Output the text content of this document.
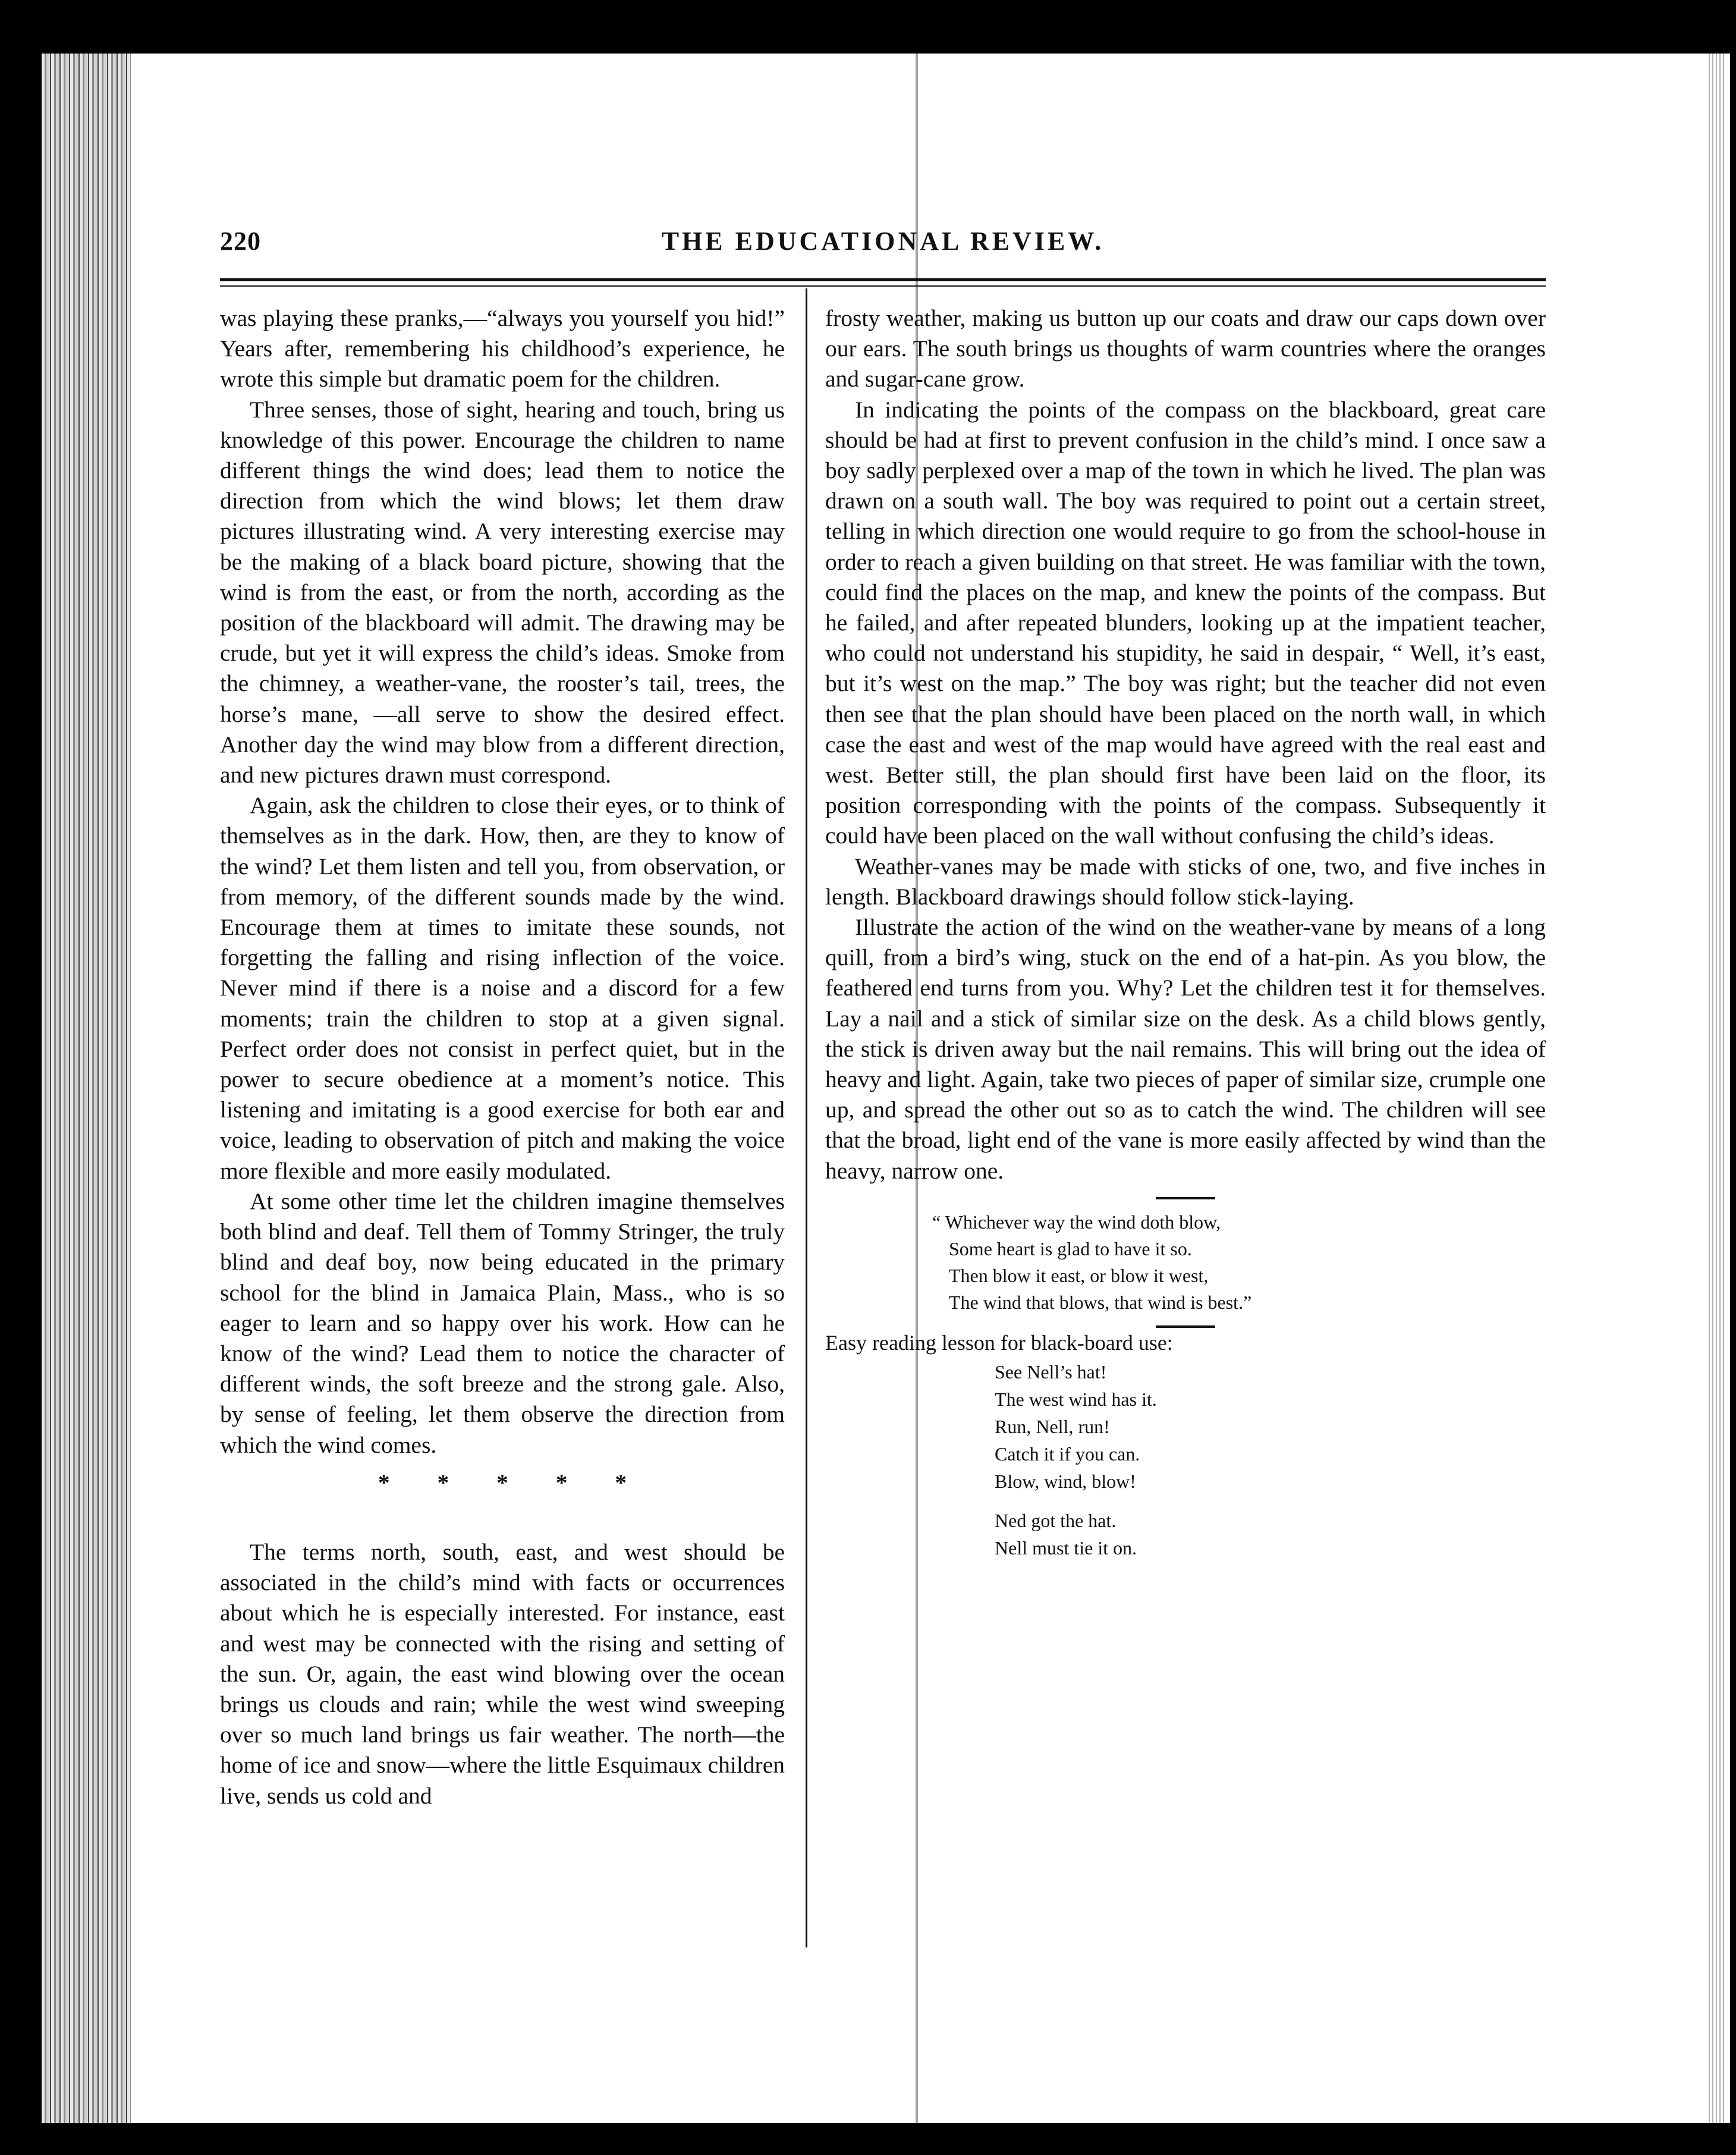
220	THE EDUCATIONAL REVIEW.

was playing these pranks,—“always you yourself you hid!” Years after, remembering his childhood’s experience, he wrote this simple but dramatic poem for the children.

Three senses, those of sight, hearing and touch, bring us knowledge of this power. Encourage the children to name different things the wind does; lead them to notice the direction from which the wind blows; let them draw pictures illustrating wind. A very interesting exercise may be the making of a black board picture, showing that the wind is from the east, or from the north, according as the position of the blackboard will admit. The drawing may be crude, but yet it will express the child’s ideas. Smoke from the chimney, a weather-vane, the rooster’s tail, trees, the horse’s mane, —all serve to show the desired effect. Another day the wind may blow from a different direction, and new pictures drawn must correspond.

Again, ask the children to close their eyes, or to think of themselves as in the dark. How, then, are they to know of the wind? Let them listen and tell you, from observation, or from memory, of the different sounds made by the wind. Encourage them at times to imitate these sounds, not forgetting the falling and rising inflection of the voice. Never mind if there is a noise and a discord for a few moments; train the children to stop at a given signal. Perfect order does not consist in perfect quiet, but in the power to secure obedience at a moment’s notice. This listening and imitating is a good exercise for both ear and voice, leading to observation of pitch and making the voice more flexible and more easily modulated.

At some other time let the children imagine themselves both blind and deaf. Tell them of Tommy Stringer, the truly blind and deaf boy, now being educated in the primary school for the blind in Jamaica Plain, Mass., who is so eager to learn and so happy over his work. How can he know of the wind? Lead them to notice the character of different winds, the soft breeze and the strong gale. Also, by sense of feeling, let them observe the direction from which the wind comes.

* * * * *

The terms north, south, east, and west should be associated in the child’s mind with facts or occurrences about which he is especially interested. For instance, east and west may be connected with the rising and setting of the sun. Or, again, the east wind blowing over the ocean brings us clouds and rain; while the west wind sweeping over so much land brings us fair weather. The north—the home of ice and snow—where the little Esquimaux children live, sends us cold and

frosty weather, making us button up our coats and draw our caps down over our ears. The south brings us thoughts of warm countries where the oranges and sugar-cane grow.

In indicating the points of the compass on the blackboard, great care should be had at first to prevent confusion in the child’s mind. I once saw a boy sadly perplexed over a map of the town in which he lived. The plan was drawn on a south wall. The boy was required to point out a certain street, telling in which direction one would require to go from the school-house in order to reach a given building on that street. He was familiar with the town, could find the places on the map, and knew the points of the compass. But he failed, and after repeated blunders, looking up at the impatient teacher, who could not understand his stupidity, he said in despair, “ Well, it’s east, but it’s west on the map.” The boy was right; but the teacher did not even then see that the plan should have been placed on the north wall, in which case the east and west of the map would have agreed with the real east and west. Better still, the plan should first have been laid on the floor, its position corresponding with the points of the compass. Subsequently it could have been placed on the wall without confusing the child’s ideas.

Weather-vanes may be made with sticks of one, two, and five inches in length. Blackboard drawings should follow stick-laying.

Illustrate the action of the wind on the weather-vane by means of a long quill, from a bird’s wing, stuck on the end of a hat-pin. As you blow, the feathered end turns from you. Why? Let the children test it for themselves. Lay a nail and a stick of similar size on the desk. As a child blows gently, the stick is driven away but the nail remains. This will bring out the idea of heavy and light. Again, take two pieces of paper of similar size, crumple one up, and spread the other out so as to catch the wind. The children will see that the broad, light end of the vane is more easily affected by wind than the heavy, narrow one.

“ Whichever way the wind doth blow,
Some heart is glad to have it so.
Then blow it east, or blow it west,
The wind that blows, that wind is best.”

Easy reading lesson for black-board use:

See Nell’s hat!
The west wind has it.
Run, Nell, run!
Catch it if you can.
Blow, wind, blow!
Ned got the hat.
Nell must tie it on.
